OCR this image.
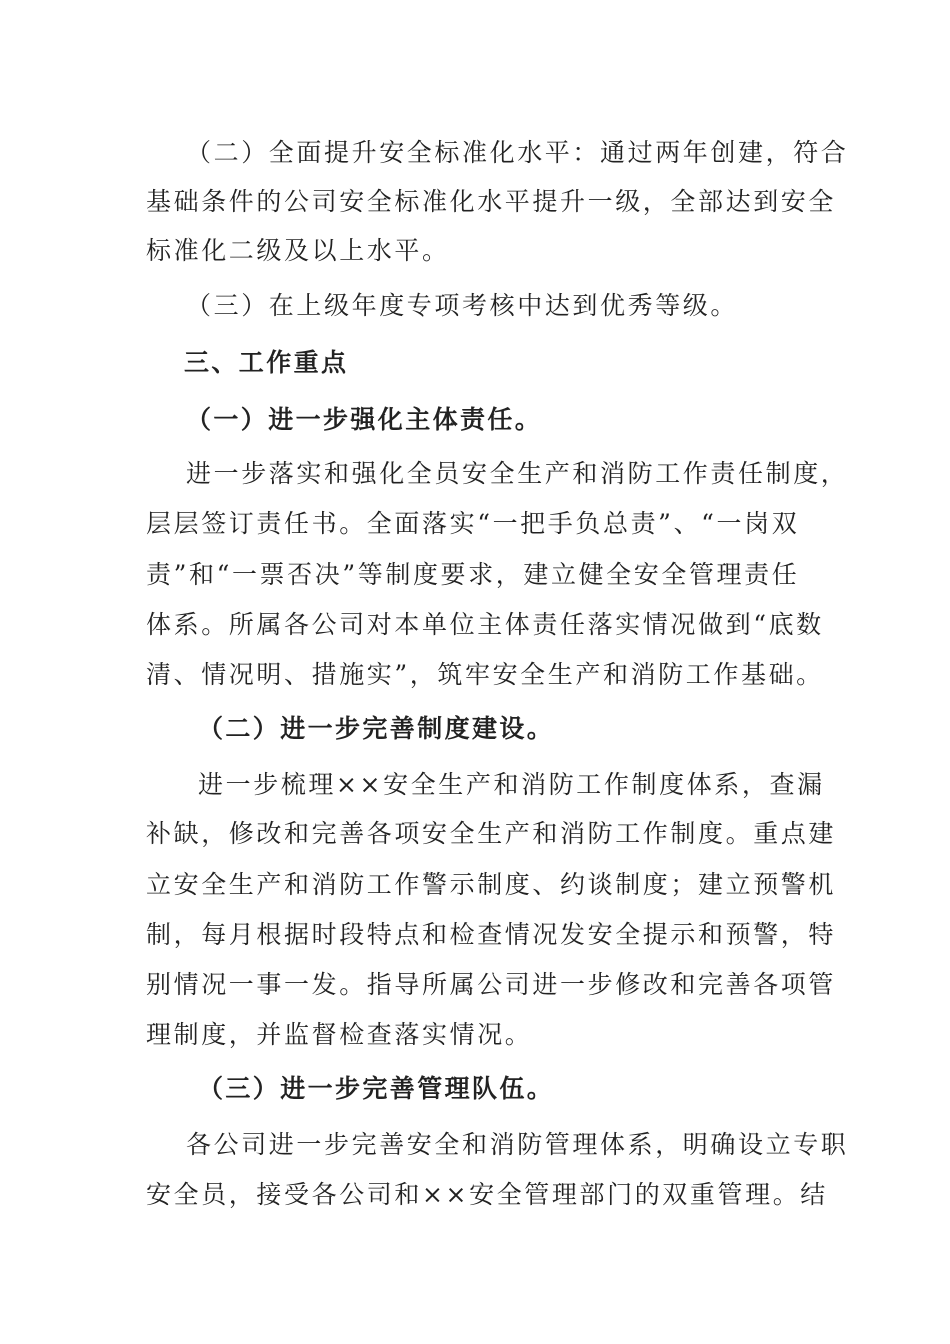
（二）全面提升安全标准化水平：通过两年创建，符合
基础条件的公司安全标准化水平提升一级，全部达到安全
标准化二级及以上水平。
（三）在上级年度专项考核中达到优秀等级。
三、工作重点
（一）进一步强化主体责任。
进一步落实和强化全员安全生产和消防工作责任制度，
层层签订责任书。全面落实“一把手负总责”、“一岗双
责”和“一票否决”等制度要求，建立健全安全管理责任
体系。所属各公司对本单位主体责任落实情况做到“底数
清、情况明、措施实”，筑牢安全生产和消防工作基础。
（二）进一步完善制度建设。
进一步梳理××安全生产和消防工作制度体系，查漏
补缺，修改和完善各项安全生产和消防工作制度。重点建
立安全生产和消防工作警示制度、约谈制度；建立预警机
制，每月根据时段特点和检查情况发安全提示和预警，特
别情况一事一发。指导所属公司进一步修改和完善各项管
理制度，并监督检查落实情况。
（三）进一步完善管理队伍。
各公司进一步完善安全和消防管理体系，明确设立专职
安全员，接受各公司和××安全管理部门的双重管理。结
